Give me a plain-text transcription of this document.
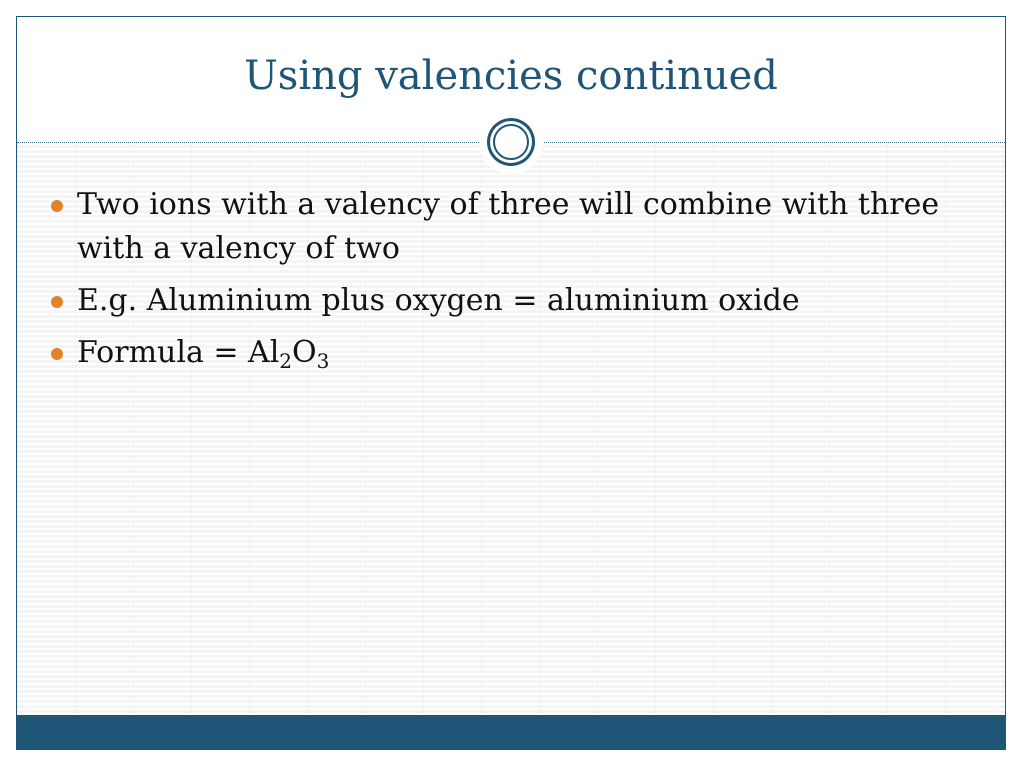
Using valencies continued
Two ions with a valency of three will combine with three with a valency of two
E.g. Aluminium plus oxygen = aluminium oxide
Formula = $Al_2O_3$
